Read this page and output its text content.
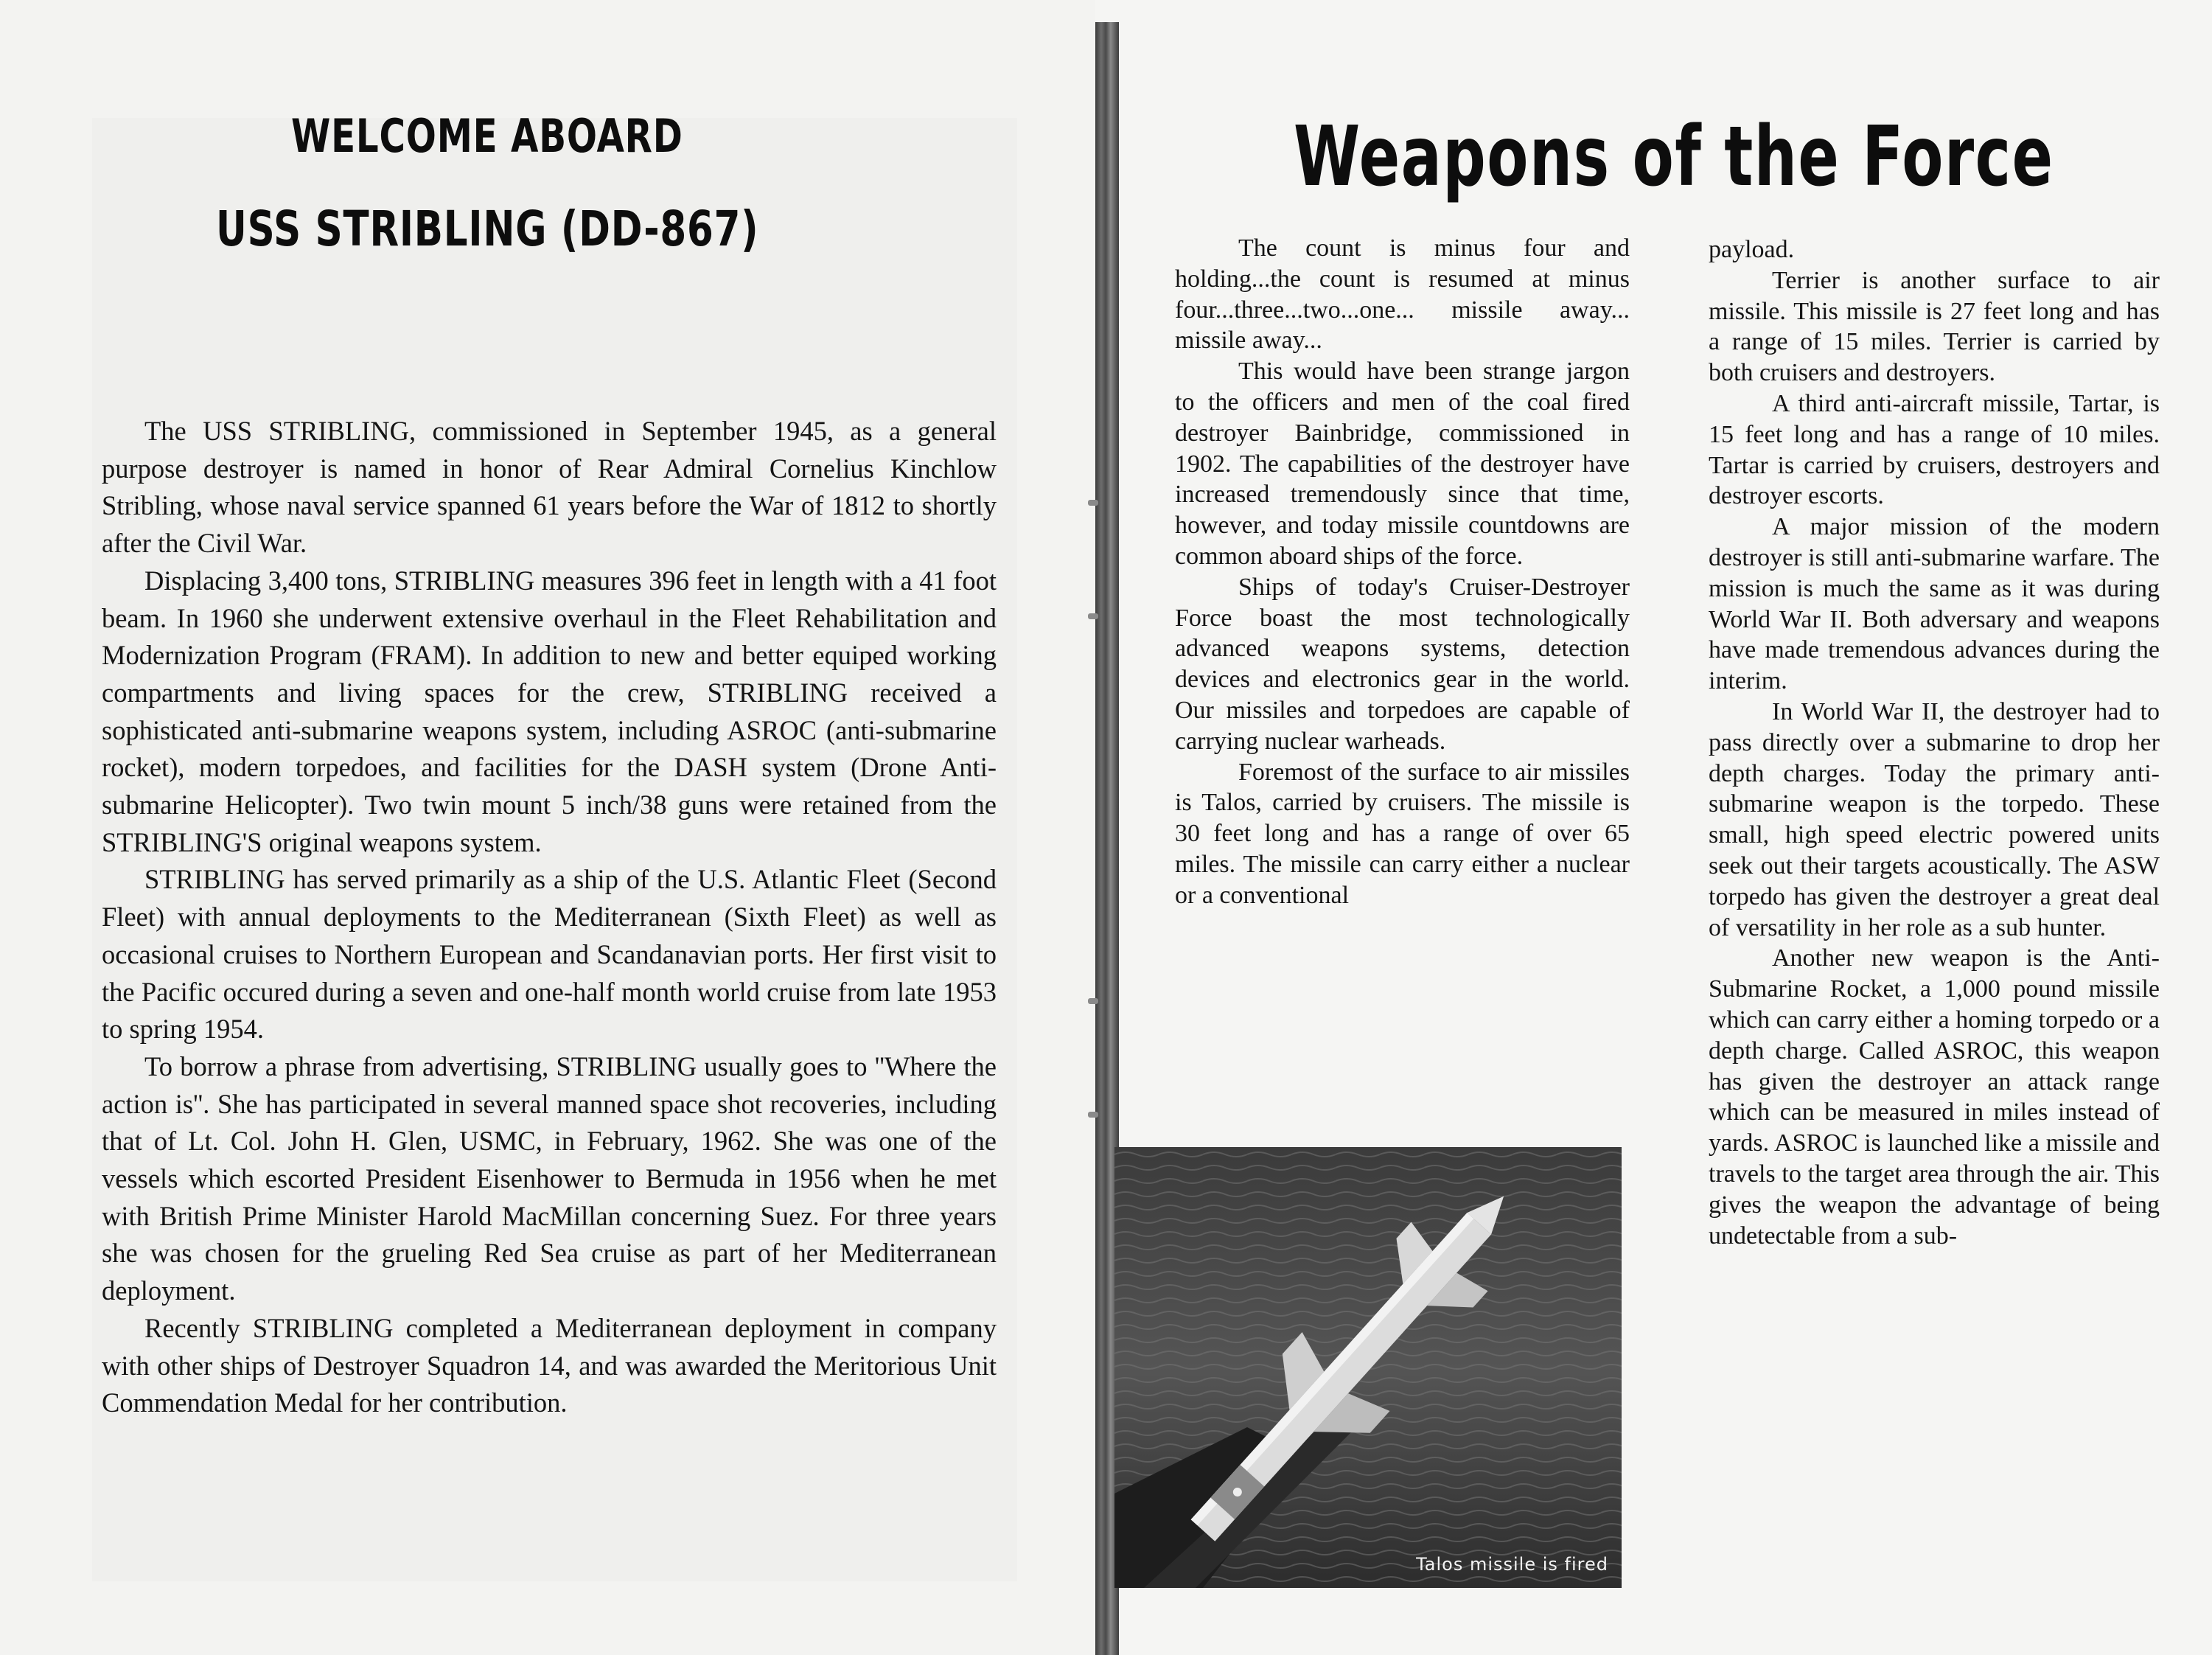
WELCOME ABOARD
USS STRIBLING (DD-867)

The USS STRIBLING, commissioned in September 1945, as a general purpose destroyer is named in honor of Rear Admiral Cornelius Kinchlow Stribling, whose naval service spanned 61 years before the War of 1812 to shortly after the Civil War.

Displacing 3,400 tons, STRIBLING measures 396 feet in length with a 41 foot beam. In 1960 she underwent extensive overhaul in the Fleet Rehabilitation and Modernization Program (FRAM). In addition to new and better equiped working compartments and living spaces for the crew, STRIBLING received a sophisticated anti-submarine weapons system, including ASROC (anti-submarine rocket), modern torpedoes, and facilities for the DASH system (Drone Anti-submarine Helicopter). Two twin mount 5 inch/38 guns were retained from the STRIBLING'S original weapons system.

STRIBLING has served primarily as a ship of the U.S. Atlantic Fleet (Second Fleet) with annual deployments to the Mediterranean (Sixth Fleet) as well as occasional cruises to Northern European and Scandanavian ports. Her first visit to the Pacific occured during a seven and one-half month world cruise from late 1953 to spring 1954.

To borrow a phrase from advertising, STRIBLING usually goes to ''Where the action is''. She has participated in several manned space shot recoveries, including that of Lt. Col. John H. Glen, USMC, in February, 1962. She was one of the vessels which escorted President Eisenhower to Bermuda in 1956 when he met with British Prime Minister Harold MacMillan concerning Suez. For three years she was chosen for the grueling Red Sea cruise as part of her Mediterranean deployment.

Recently STRIBLING completed a Mediterranean deployment in company with other ships of Destroyer Squadron 14, and was awarded the Meritorious Unit Commendation Medal for her contribution.

Weapons of the Force

The count is minus four and holding...the count is resumed at minus four...three...two...one... missile away... missile away...

This would have been strange jargon to the officers and men of the coal fired destroyer Bainbridge, commissioned in 1902. The capabilities of the destroyer have increased tremendously since that time, however, and today missile countdowns are common aboard ships of the force.

Ships of today's Cruiser-Destroyer Force boast the most technologically advanced weapons systems, detection devices and electronics gear in the world. Our missiles and torpedoes are capable of carrying nuclear warheads.

Foremost of the surface to air missiles is Talos, carried by cruisers. The missile is 30 feet long and has a range of over 65 miles. The missile can carry either a nuclear or a conventional

payload.

Terrier is another surface to air missile. This missile is 27 feet long and has a range of 15 miles. Terrier is carried by both cruisers and destroyers.

A third anti-aircraft missile, Tartar, is 15 feet long and has a range of 10 miles. Tartar is carried by cruisers, destroyers and destroyer escorts.

A major mission of the modern destroyer is still anti-submarine warfare. The mission is much the same as it was during World War II. Both adversary and weapons have made tremendous advances during the interim.

In World War II, the destroyer had to pass directly over a submarine to drop her depth charges. Today the primary anti-submarine weapon is the torpedo. These small, high speed electric powered units seek out their targets acoustically. The ASW torpedo has given the destroyer a great deal of versatility in her role as a sub hunter.

Another new weapon is the Anti-Submarine Rocket, a 1,000 pound missile which can carry either a homing torpedo or a depth charge. Called ASROC, this weapon has given the destroyer an attack range which can be measured in miles instead of yards. ASROC is launched like a missile and travels to the target area through the air. This gives the weapon the advantage of being undetectable from a sub-

Talos missile is fired
